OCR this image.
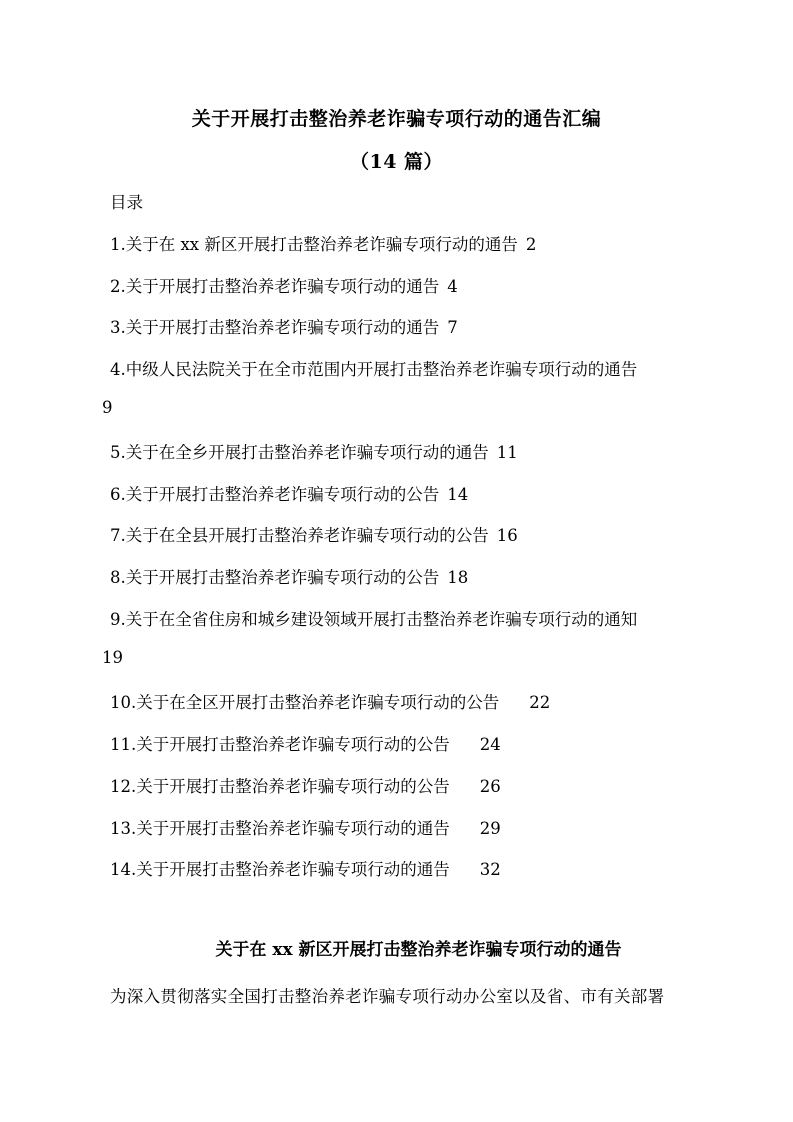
关于开展打击整治养老诈骗专项行动的通告汇编
（14 篇）
目录
1.关于在 xx 新区开展打击整治养老诈骗专项行动的通告 2
2.关于开展打击整治养老诈骗专项行动的通告 4
3.关于开展打击整治养老诈骗专项行动的通告 7
4.中级人民法院关于在全市范围内开展打击整治养老诈骗专项行动的通告
9
5.关于在全乡开展打击整治养老诈骗专项行动的通告 11
6.关于开展打击整治养老诈骗专项行动的公告 14
7.关于在全县开展打击整治养老诈骗专项行动的公告 16
8.关于开展打击整治养老诈骗专项行动的公告 18
9.关于在全省住房和城乡建设领域开展打击整治养老诈骗专项行动的通知
19
10.关于在全区开展打击整治养老诈骗专项行动的公告 22
11.关于开展打击整治养老诈骗专项行动的公告 24
12.关于开展打击整治养老诈骗专项行动的公告 26
13.关于开展打击整治养老诈骗专项行动的通告 29
14.关于开展打击整治养老诈骗专项行动的通告 32
关于在 xx 新区开展打击整治养老诈骗专项行动的通告
为深入贯彻落实全国打击整治养老诈骗专项行动办公室以及省、市有关部署
